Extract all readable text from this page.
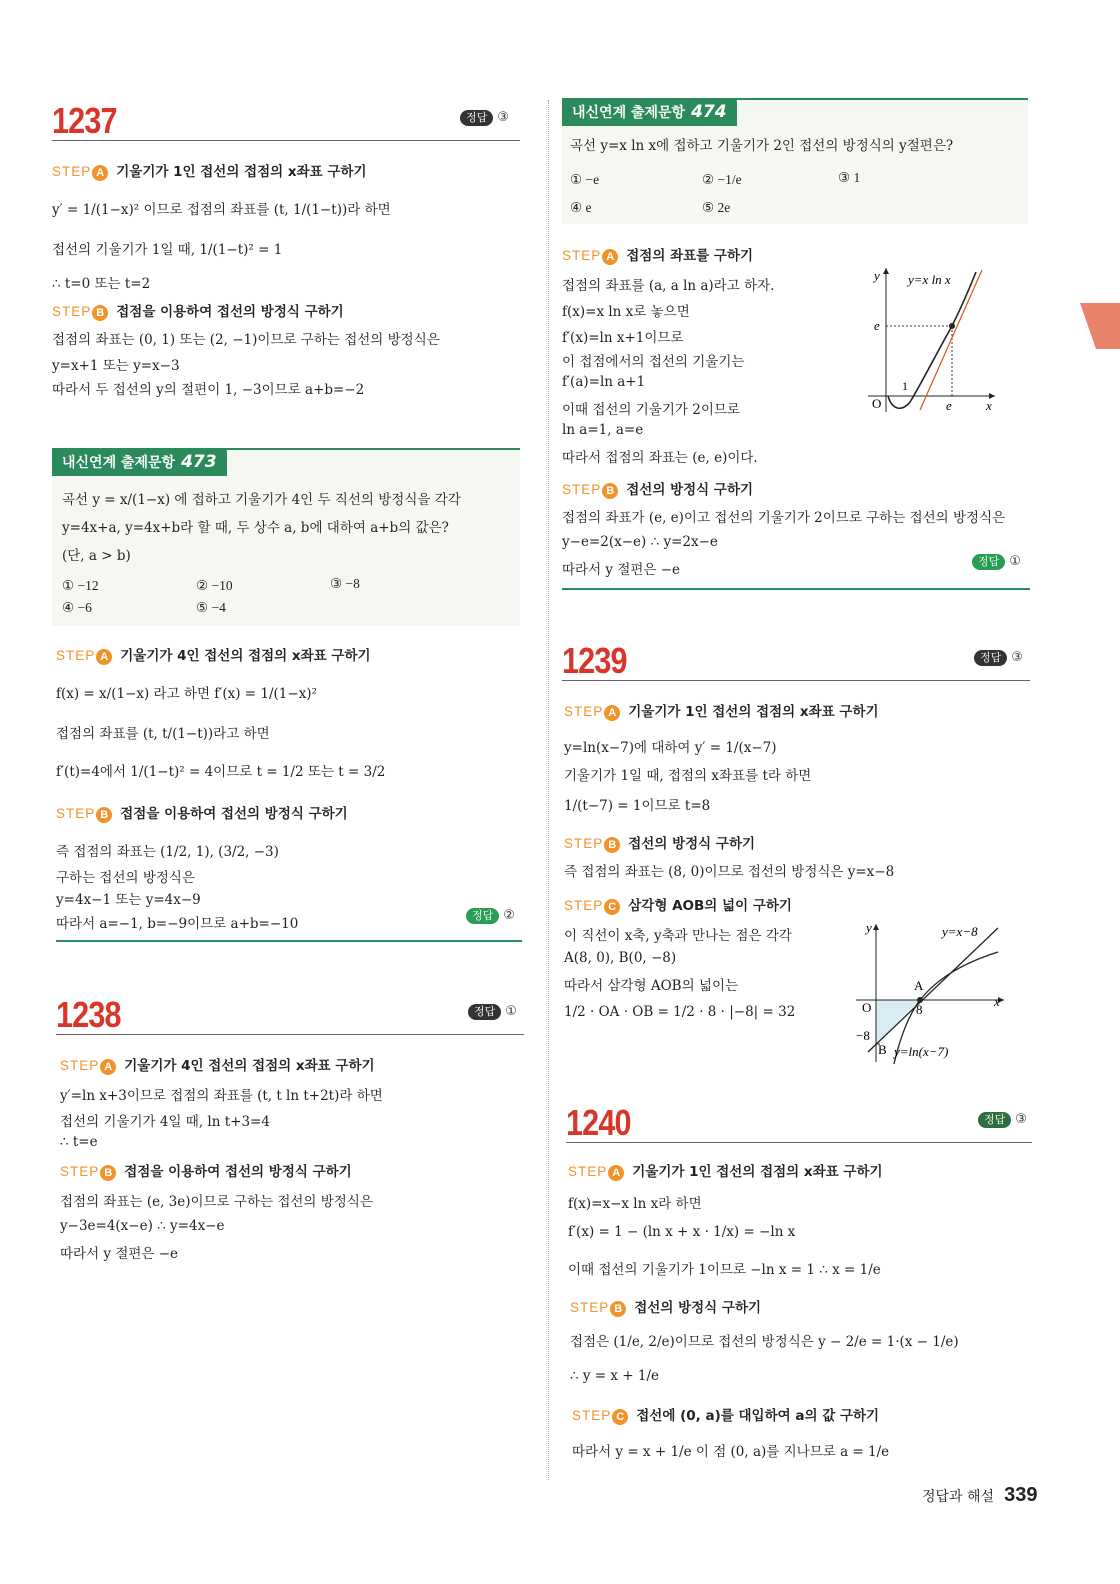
1237	정답 ③
STEP A 기울기가 1인 접선의 접점의 x좌표 구하기
y′ = 1/(1−x)² 이므로 접점의 좌표를 (t, 1/(1−t))라 하면
접선의 기울기가 1일 때, 1/(1−t)² = 1
∴ t=0 또는 t=2
STEP B 접점을 이용하여 접선의 방정식 구하기
접점의 좌표는 (0, 1) 또는 (2, −1)이므로 구하는 접선의 방정식은
y=x+1 또는 y=x−3
따라서 두 접선의 y의 절편이 1, −3이므로 a+b=−2
내신연계 출제문항 473
곡선 y = x/(1−x) 에 접하고 기울기가 4인 두 직선의 방정식을 각각
y=4x+a, y=4x+b라 할 때, 두 상수 a, b에 대하여 a+b의 값은?
(단, a > b)
① −12	② −10	③ −8
④ −6	⑤ −4
STEP A 기울기가 4인 접선의 접점의 x좌표 구하기
f(x) = x/(1−x) 라고 하면 f′(x) = 1/(1−x)²
접점의 좌표를 (t, t/(1−t))라고 하면
f′(t)=4에서 1/(1−t)² = 4이므로 t = 1/2 또는 t = 3/2
STEP B 접점을 이용하여 접선의 방정식 구하기
즉 접점의 좌표는 (1/2, 1), (3/2, −3)
구하는 접선의 방정식은
y=4x−1 또는 y=4x−9
따라서 a=−1, b=−9이므로 a+b=−10
정답 ②
1238	정답 ①
STEP A 기울기가 4인 접선의 접점의 x좌표 구하기
y′=ln x+3이므로 접점의 좌표를 (t, t ln t+2t)라 하면
접선의 기울기가 4일 때, ln t+3=4
∴ t=e
STEP B 접점을 이용하여 접선의 방정식 구하기
접점의 좌표는 (e, 3e)이므로 구하는 접선의 방정식은
y−3e=4(x−e) ∴ y=4x−e
따라서 y 절편은 −e
내신연계 출제문항 474
곡선 y=x ln x에 접하고 기울기가 2인 접선의 방정식의 y절편은?
① −e	② −1/e	③ 1
④ e	⑤ 2e
STEP A 접점의 좌표를 구하기
접점의 좌표를 (a, a ln a)라고 하자.
f(x)=x ln x로 놓으면
f′(x)=ln x+1이므로
이 접점에서의 접선의 기울기는
f′(a)=ln a+1
이때 접선의 기울기가 2이므로
ln a=1, a=e
따라서 접점의 좌표는 (e, e)이다.
y y=x ln x
x
O
1
e
e
STEP B 접선의 방정식 구하기
접점의 좌표가 (e, e)이고 접선의 기울기가 2이므로 구하는 접선의 방정식은
y−e=2(x−e) ∴ y=2x−e
따라서 y 절편은 −e
정답 ①
1239	정답 ③
STEP A 기울기가 1인 접선의 접점의 x좌표 구하기
y=ln(x−7)에 대하여 y′ = 1/(x−7)
기울기가 1일 때, 접점의 x좌표를 t라 하면
1/(t−7) = 1이므로 t=8
STEP B 접선의 방정식 구하기
즉 접점의 좌표는 (8, 0)이므로 접선의 방정식은 y=x−8
STEP C 삼각형 AOB의 넓이 구하기
이 직선이 x축, y축과 만나는 점은 각각
A(8, 0), B(0, −8)
따라서 삼각형 AOB의 넓이는
1/2 · OA · OB = 1/2 · 8 · |−8| = 32
y	y=x−8
x
O
A
8
−8
B y=ln(x−7)
1240	정답 ③
STEP A 기울기가 1인 접선의 접점의 x좌표 구하기
f(x)=x−x ln x라 하면
f′(x) = 1 − (ln x + x · 1/x) = −ln x
이때 접선의 기울기가 1이므로 −ln x = 1 ∴ x = 1/e
STEP B 접선의 방정식 구하기
접점은 (1/e, 2/e)이므로 접선의 방정식은 y − 2/e = 1·(x − 1/e)
∴ y = x + 1/e
STEP C 접선에 (0, a)를 대입하여 a의 값 구하기
따라서 y = x + 1/e 이 점 (0, a)를 지나므로 a = 1/e
정답과 해설 339
